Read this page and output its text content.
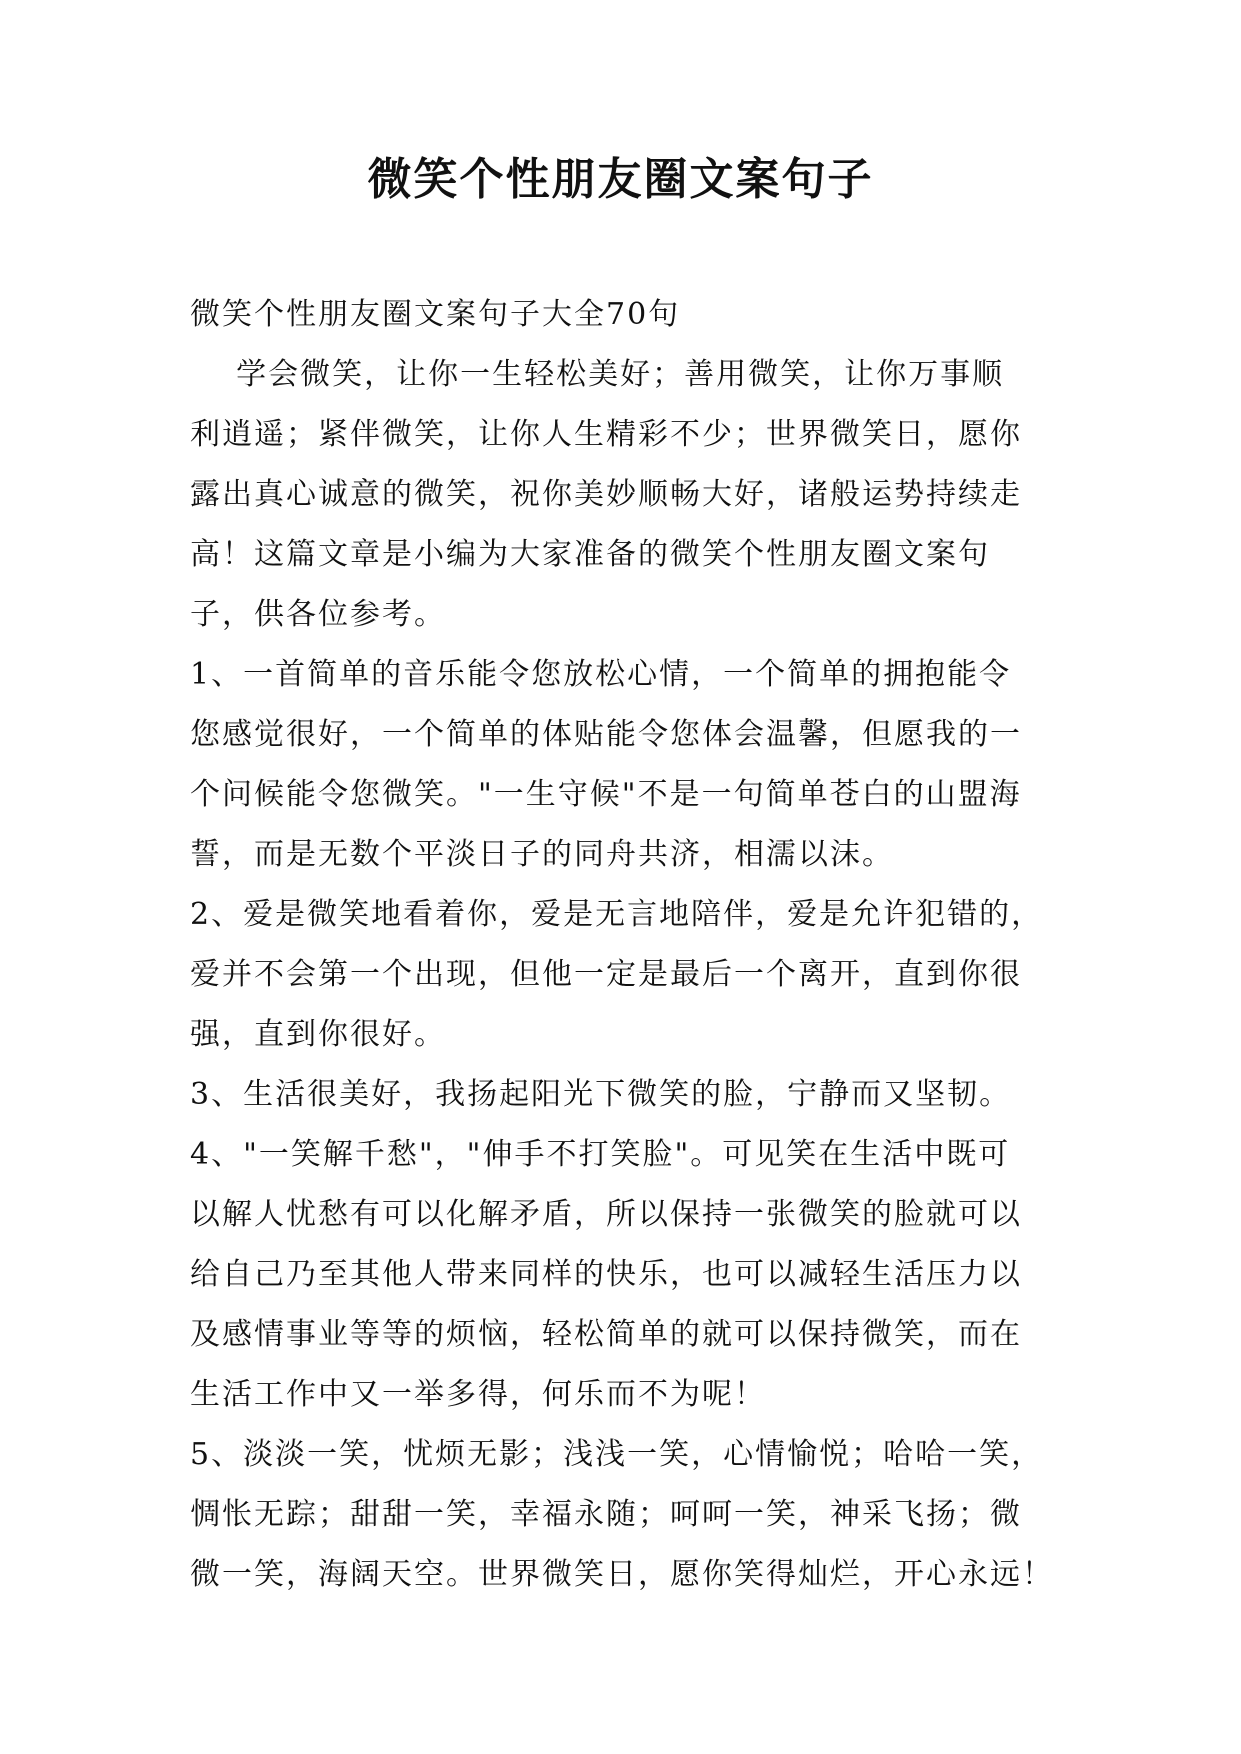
微笑个性朋友圈文案句子

微笑个性朋友圈文案句子大全70句

学会微笑，让你一生轻松美好；善用微笑，让你万事顺

利逍遥；紧伴微笑，让你人生精彩不少；世界微笑日，愿你

露出真心诚意的微笑，祝你美妙顺畅大好，诸般运势持续走

高！这篇文章是小编为大家准备的微笑个性朋友圈文案句

子，供各位参考。

1、一首简单的音乐能令您放松心情，一个简单的拥抱能令

您感觉很好，一个简单的体贴能令您体会温馨，但愿我的一

个问候能令您微笑。"一生守候"不是一句简单苍白的山盟海

誓，而是无数个平淡日子的同舟共济，相濡以沫。

2、爱是微笑地看着你，爱是无言地陪伴，爱是允许犯错的，

爱并不会第一个出现，但他一定是最后一个离开，直到你很

强，直到你很好。

3、生活很美好，我扬起阳光下微笑的脸，宁静而又坚韧。

4、"一笑解千愁"，"伸手不打笑脸"。可见笑在生活中既可

以解人忧愁有可以化解矛盾，所以保持一张微笑的脸就可以

给自己乃至其他人带来同样的快乐，也可以减轻生活压力以

及感情事业等等的烦恼，轻松简单的就可以保持微笑，而在

生活工作中又一举多得，何乐而不为呢！

5、淡淡一笑，忧烦无影；浅浅一笑，心情愉悦；哈哈一笑，

惆怅无踪；甜甜一笑，幸福永随；呵呵一笑，神采飞扬；微

微一笑，海阔天空。世界微笑日，愿你笑得灿烂，开心永远！
